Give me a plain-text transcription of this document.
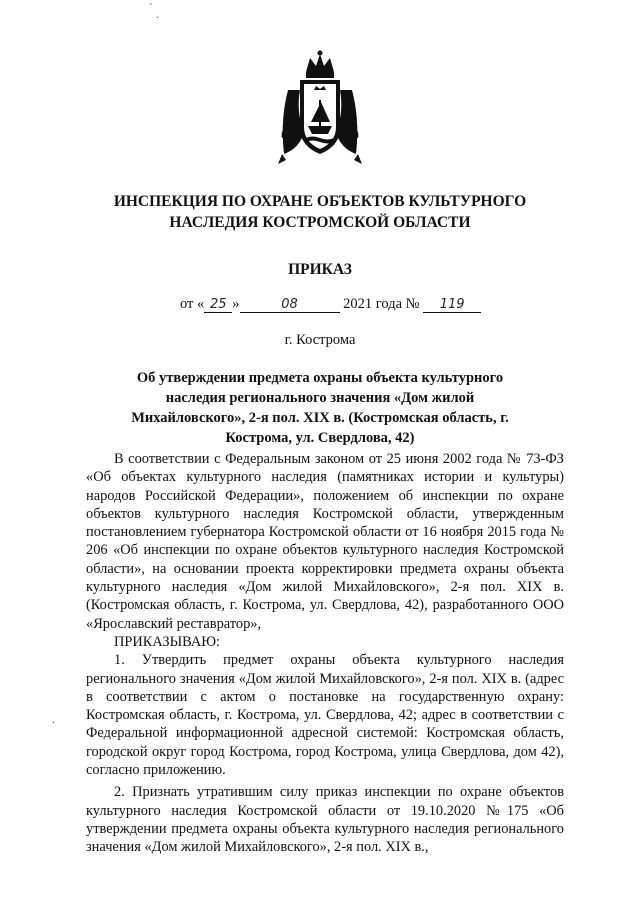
'
.
ИНСПЕКЦИЯ ПО ОХРАНЕ ОБЪЕКТОВ КУЛЬТУРНОГО
НАСЛЕДИЯ КОСТРОМСКОЙ ОБЛАСТИ
ПРИКАЗ
от « 25 »	08	2021 года № 119
г. Кострома
Об утверждении предмета охраны объекта культурного наследия регионального значения «Дом жилой Михайловского», 2-я пол. XIX в. (Костромская область, г. Кострома, ул. Свердлова, 42)

В соответствии с Федеральным законом от 25 июня 2002 года № 73-ФЗ «Об объектах культурного наследия (памятниках истории и культуры) народов Российской Федерации», положением об инспекции по охране объектов культурного наследия Костромской области, утвержденным постановлением губернатора Костромской области от 16 ноября 2015 года № 206 «Об инспекции по охране объектов культурного наследия Костромской области», на основании проекта корректировки предмета охраны объекта культурного наследия «Дом жилой Михайловского», 2-я пол. XIX в. (Костромская область, г. Кострома, ул. Свердлова, 42), разработанного ООО «Ярославский реставратор»,

ПРИКАЗЫВАЮ:

1. Утвердить предмет охраны объекта культурного наследия регионального значения «Дом жилой Михайловского», 2-я пол. XIX в. (адрес в соответствии с актом о постановке на государственную охрану: Костромская область, г. Кострома, ул. Свердлова, 42; адрес в соответствии с Федеральной информационной адресной системой: Костромская область, городской округ город Кострома, город Кострома, улица Свердлова, дом 42), согласно приложению.

2. Признать утратившим силу приказ инспекции по охране объектов культурного наследия Костромской области от 19.10.2020 №175 «Об утверждении предмета охраны объекта культурного наследия регионального значения «Дом жилой Михайловского», 2-я пол. XIX в.,

·
